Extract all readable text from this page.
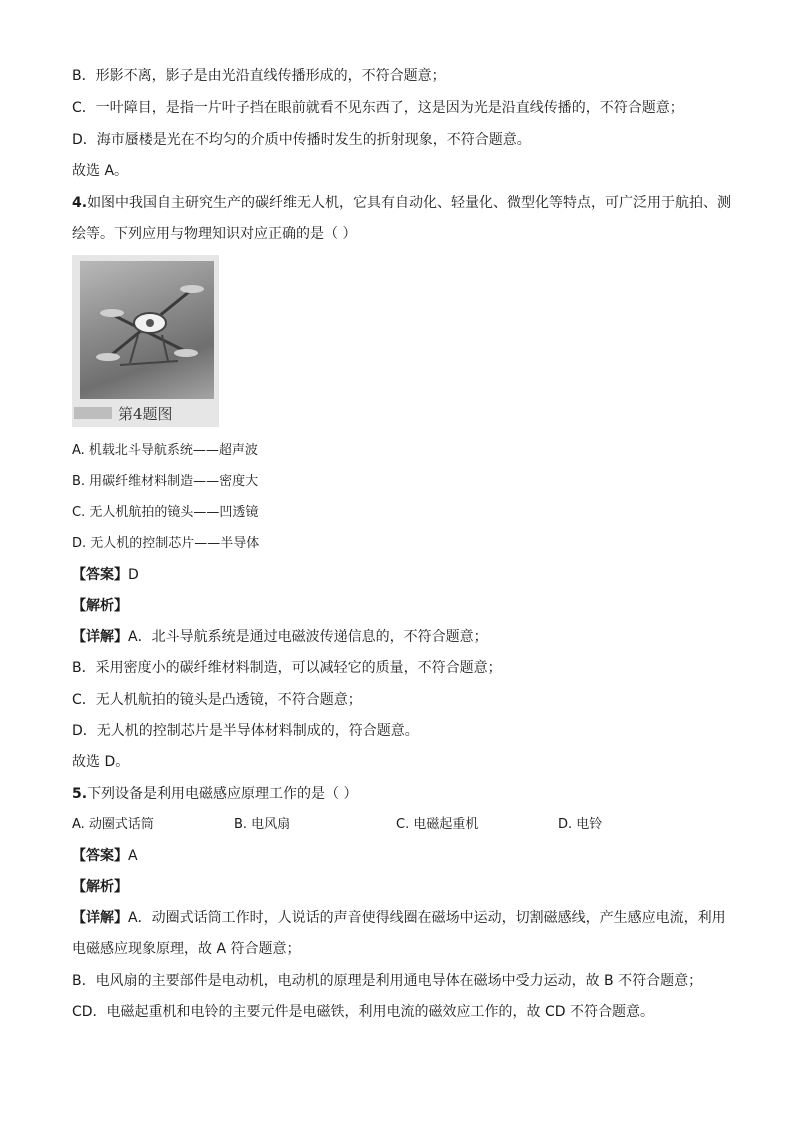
B．形影不离，影子是由光沿直线传播形成的，不符合题意；
C．一叶障目，是指一片叶子挡在眼前就看不见东西了，这是因为光是沿直线传播的，不符合题意；
D．海市蜃楼是光在不均匀的介质中传播时发生的折射现象，不符合题意。
故选 A。
4.如图中我国自主研究生产的碳纤维无人机，它具有自动化、轻量化、微型化等特点，可广泛用于航拍、测
绘等。下列应用与物理知识对应正确的是（ ）
第4题图
A. 机载北斗导航系统——超声波
B. 用碳纤维材料制造——密度大
C. 无人机航拍的镜头——凹透镜
D. 无人机的控制芯片——半导体
【答案】D
【解析】
【详解】A．北斗导航系统是通过电磁波传递信息的，不符合题意；
B．采用密度小的碳纤维材料制造，可以减轻它的质量，不符合题意；
C．无人机航拍的镜头是凸透镜，不符合题意；
D．无人机的控制芯片是半导体材料制成的，符合题意。
故选 D。
5.下列设备是利用电磁感应原理工作的是（ ）
A. 动圈式话筒	B. 电风扇	C. 电磁起重机	D. 电铃
【答案】A
【解析】
【详解】A．动圈式话筒工作时，人说话的声音使得线圈在磁场中运动，切割磁感线，产生感应电流，利用
电磁感应现象原理，故 A 符合题意；
B．电风扇的主要部件是电动机，电动机的原理是利用通电导体在磁场中受力运动，故 B 不符合题意；
CD．电磁起重机和电铃的主要元件是电磁铁，利用电流的磁效应工作的，故 CD 不符合题意。
